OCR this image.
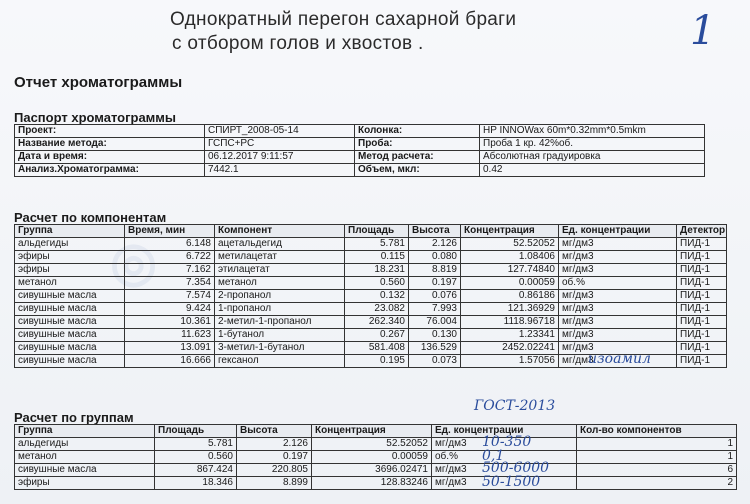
◎
Однократный перегон сахарной браги
с отбором голов и хвостов .	1
Отчет хроматограммы
Паспорт хроматограммы
Проект:	СПИРТ_2008-05-14	Колонка:	HP INNOWax 60m*0.32mm*0.5mkm
Название метода:	ГСПС+РС	Проба:	Проба 1 кр. 42%об.
Дата и время:	06.12.2017 9:11:57	Метод расчета:	Абсолютная градуировка
Анализ.Хроматограмма:	7442.1	Объем, мкл:	0.42
Расчет по компонентам
Группа	Время, мин	Компонент	Площадь	Высота	Концентрация	Ед. концентрации	Детектор
альдегиды	6.148	ацетальдегид	5.781	2.126	52.52052	мг/дм3	ПИД-1
эфиры	6.722	метилацетат	0.115	0.080	1.08406	мг/дм3	ПИД-1
эфиры	7.162	этилацетат	18.231	8.819	127.74840	мг/дм3	ПИД-1
метанол	7.354	метанол	0.560	0.197	0.00059	об.%	ПИД-1
сивушные масла	7.574	2-пропанол	0.132	0.076	0.86186	мг/дм3	ПИД-1
сивушные масла	9.424	1-пропанол	23.082	7.993	121.36929	мг/дм3	ПИД-1
сивушные масла	10.361	2-метил-1-пропанол	262.340	76.004	1118.96718	мг/дм3	ПИД-1
сивушные масла	11.623	1-бутанол	0.267	0.130	1.23341	мг/дм3	ПИД-1
сивушные масла	13.091	3-метил-1-бутанол	581.408	136.529	2452.02241	мг/дм3	ПИД-1
сивушные масла	16.666	гексанол	0.195	0.073	1.57056	мг/дм3	ПИД-1
изоамил
ГОСТ-2013
Расчет по группам
Группа	Площадь	Высота	Концентрация	Ед. концентрации	Кол-во компонентов
альдегиды	5.781	2.126	52.52052	мг/дм3	1
метанол	0.560	0.197	0.00059	об.%	1
сивушные масла	867.424	220.805	3696.02471	мг/дм3	6
эфиры	18.346	8.899	128.83246	мг/дм3	2
10-350
0,1
500-6000
50-1500
